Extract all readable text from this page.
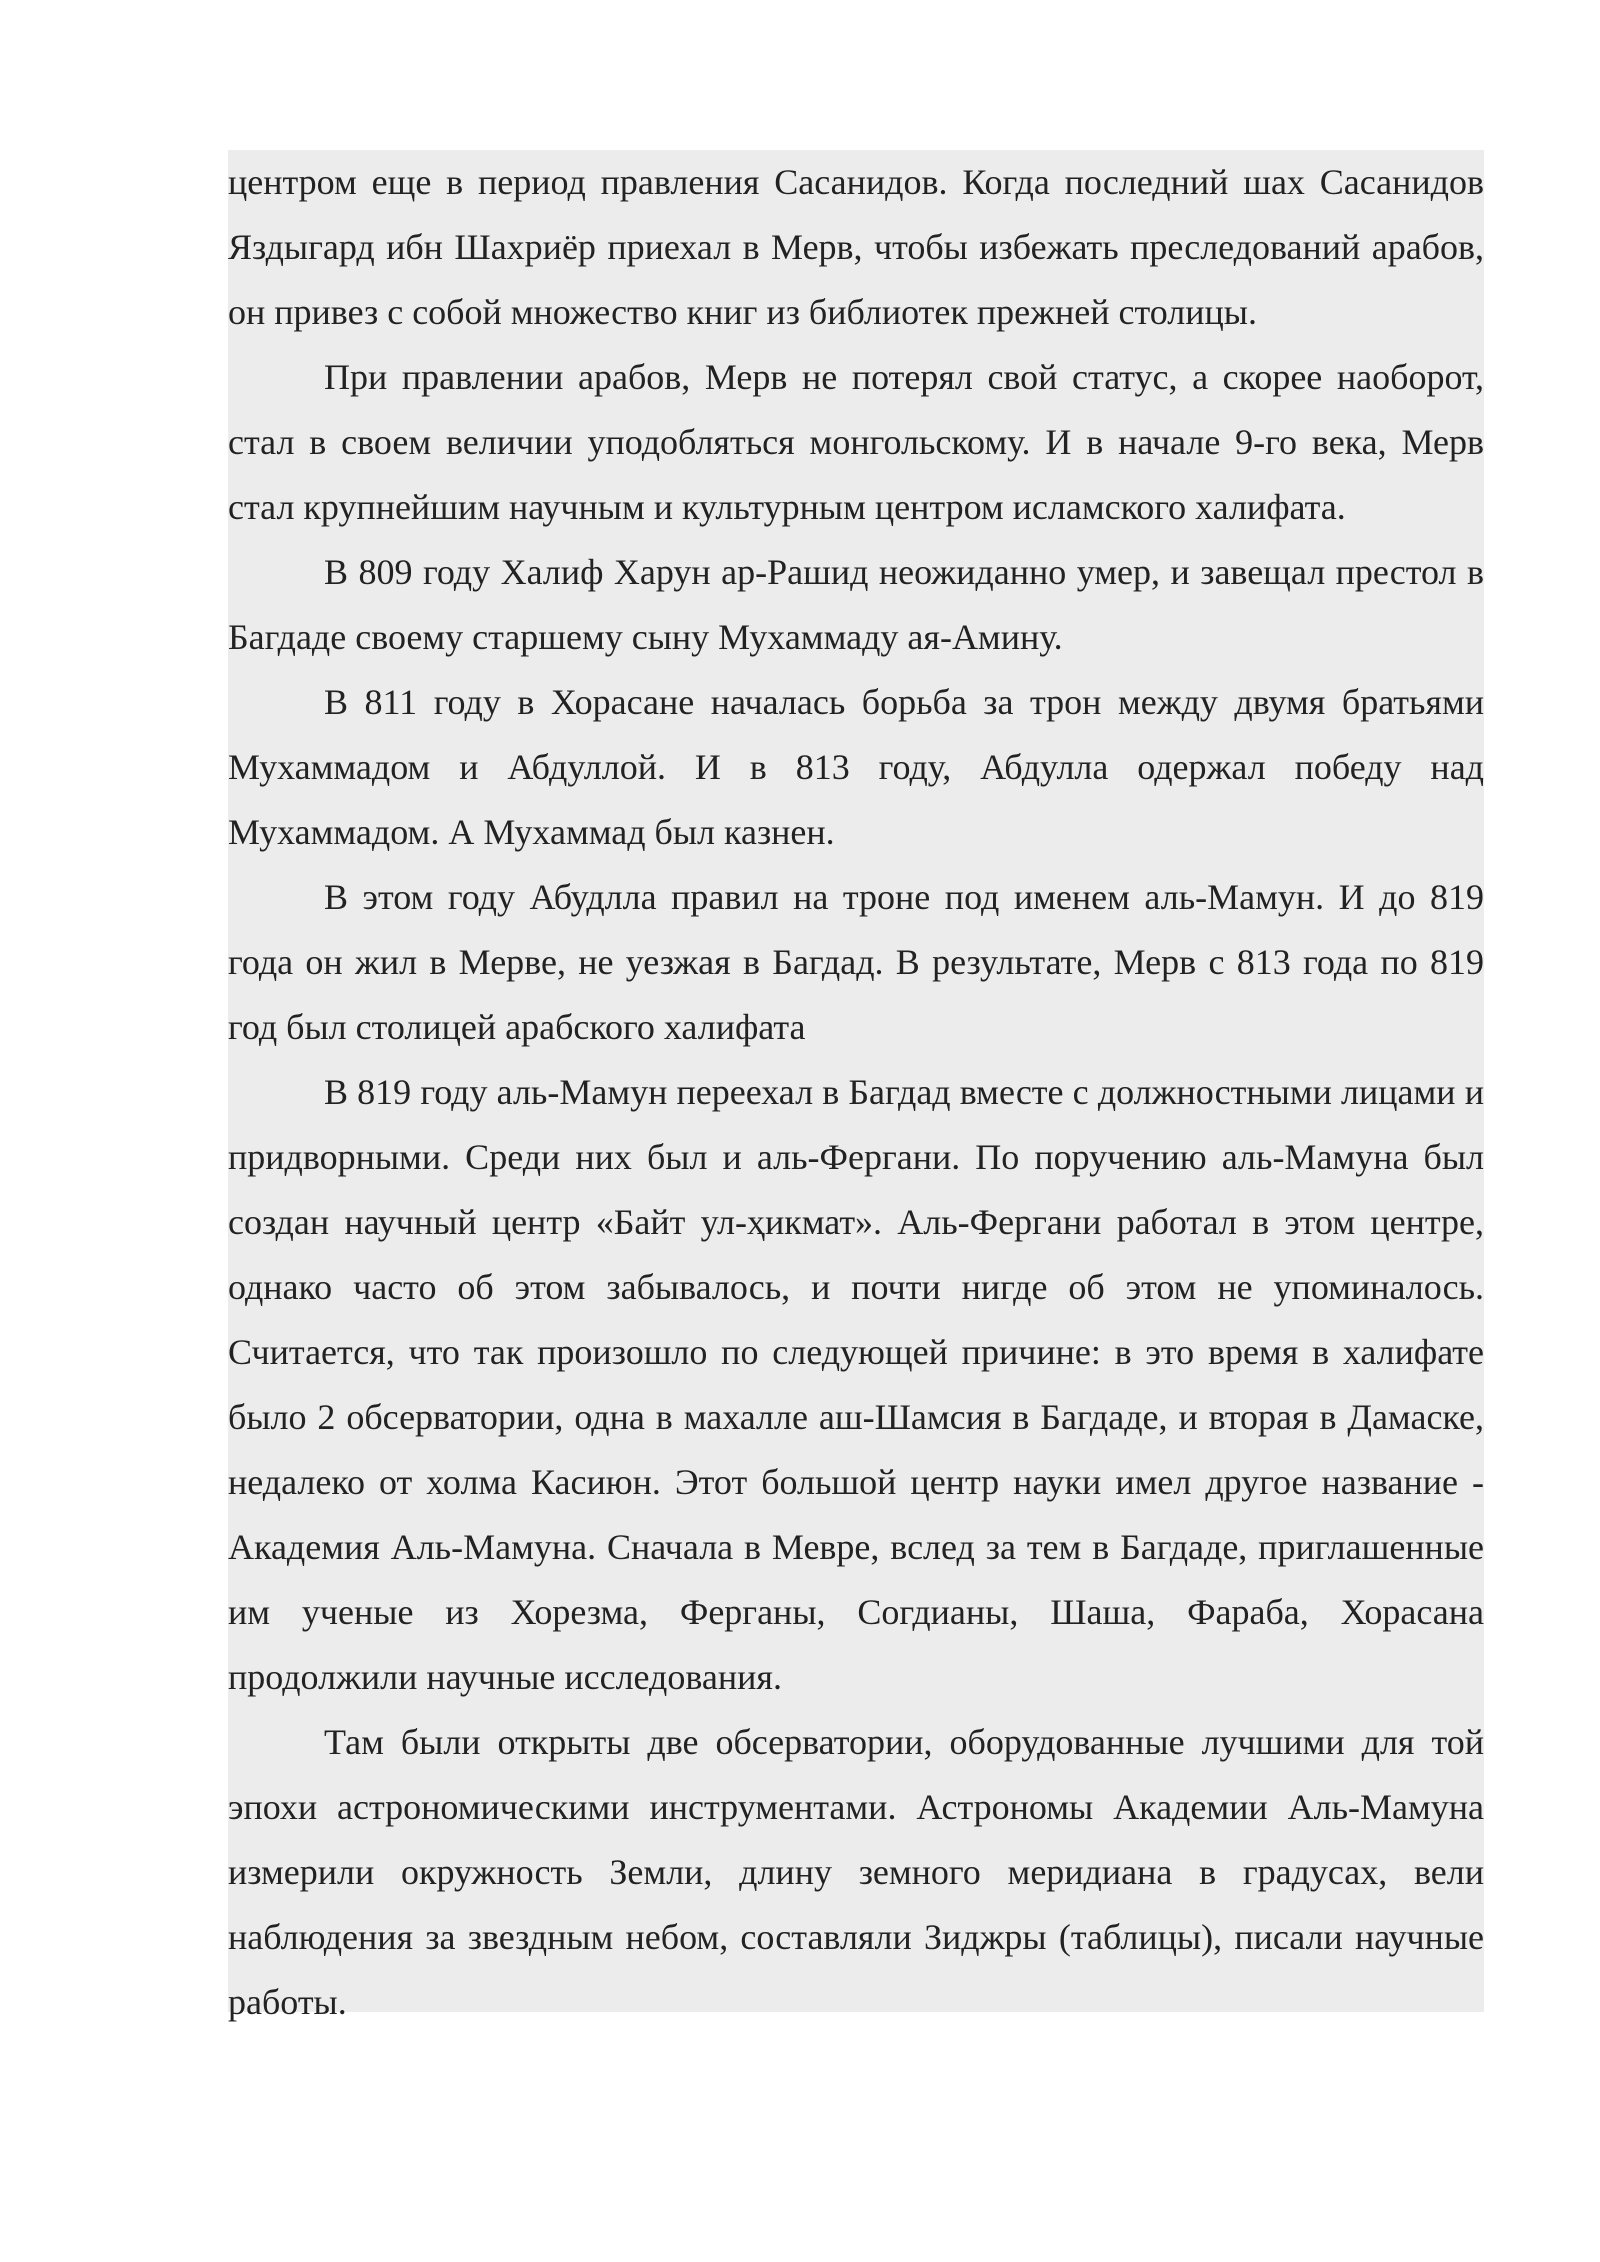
центром еще в период правления Сасанидов. Когда последний шах Сасанидов Яздыгард ибн Шахриёр приехал в Мерв, чтобы избежать преследований арабов, он привез с собой множество книг из библиотек прежней столицы.

При правлении арабов, Мерв не потерял свой статус, а скорее наоборот, стал в своем величии уподобляться монгольскому. И в начале 9-го века, Мерв стал крупнейшим научным и культурным центром исламского халифата.

В 809 году Халиф Харун ар-Рашид неожиданно умер, и завещал престол в Багдаде своему старшему сыну Мухаммаду ая-Амину.

В 811 году в Хорасане началась борьба за трон между двумя братьями Мухаммадом и Абдуллой. И в 813 году, Абдулла одержал победу над Мухаммадом. А Мухаммад был казнен.

В этом году Абудлла правил на троне под именем аль-Мамун. И до 819 года он жил в Мерве, не уезжая в Багдад. В результате, Мерв с 813 года по 819 год был столицей арабского халифата

В 819 году аль-Мамун переехал в Багдад вместе с должностными лицами и придворными. Среди них был и аль-Фергани. По поручению аль-Мамуна был создан научный центр «Байт ул-ҳикмат». Аль-Фергани работал в этом центре, однако часто об этом забывалось, и почти нигде об этом не упоминалось. Считается, что так произошло по следующей причине: в это время в халифате было 2 обсерватории, одна в махалле аш-Шамсия в Багдаде, и вторая в Дамаске, недалеко от холма Касиюн. Этот большой центр науки имел другое название - Академия Аль-Мамуна. Сначала в Мевре, вслед за тем в Багдаде, приглашенные им ученые из Хорезма, Ферганы, Согдианы, Шаша, Фараба, Хорасана продолжили научные исследования.

Там были открыты две обсерватории, оборудованные лучшими для той эпохи астрономическими инструментами. Астрономы Академии Аль-Мамуна измерили окружность Земли, длину земного меридиана в градусах, вели наблюдения за звездным небом, составляли Зиджры (таблицы), писали научные работы.
